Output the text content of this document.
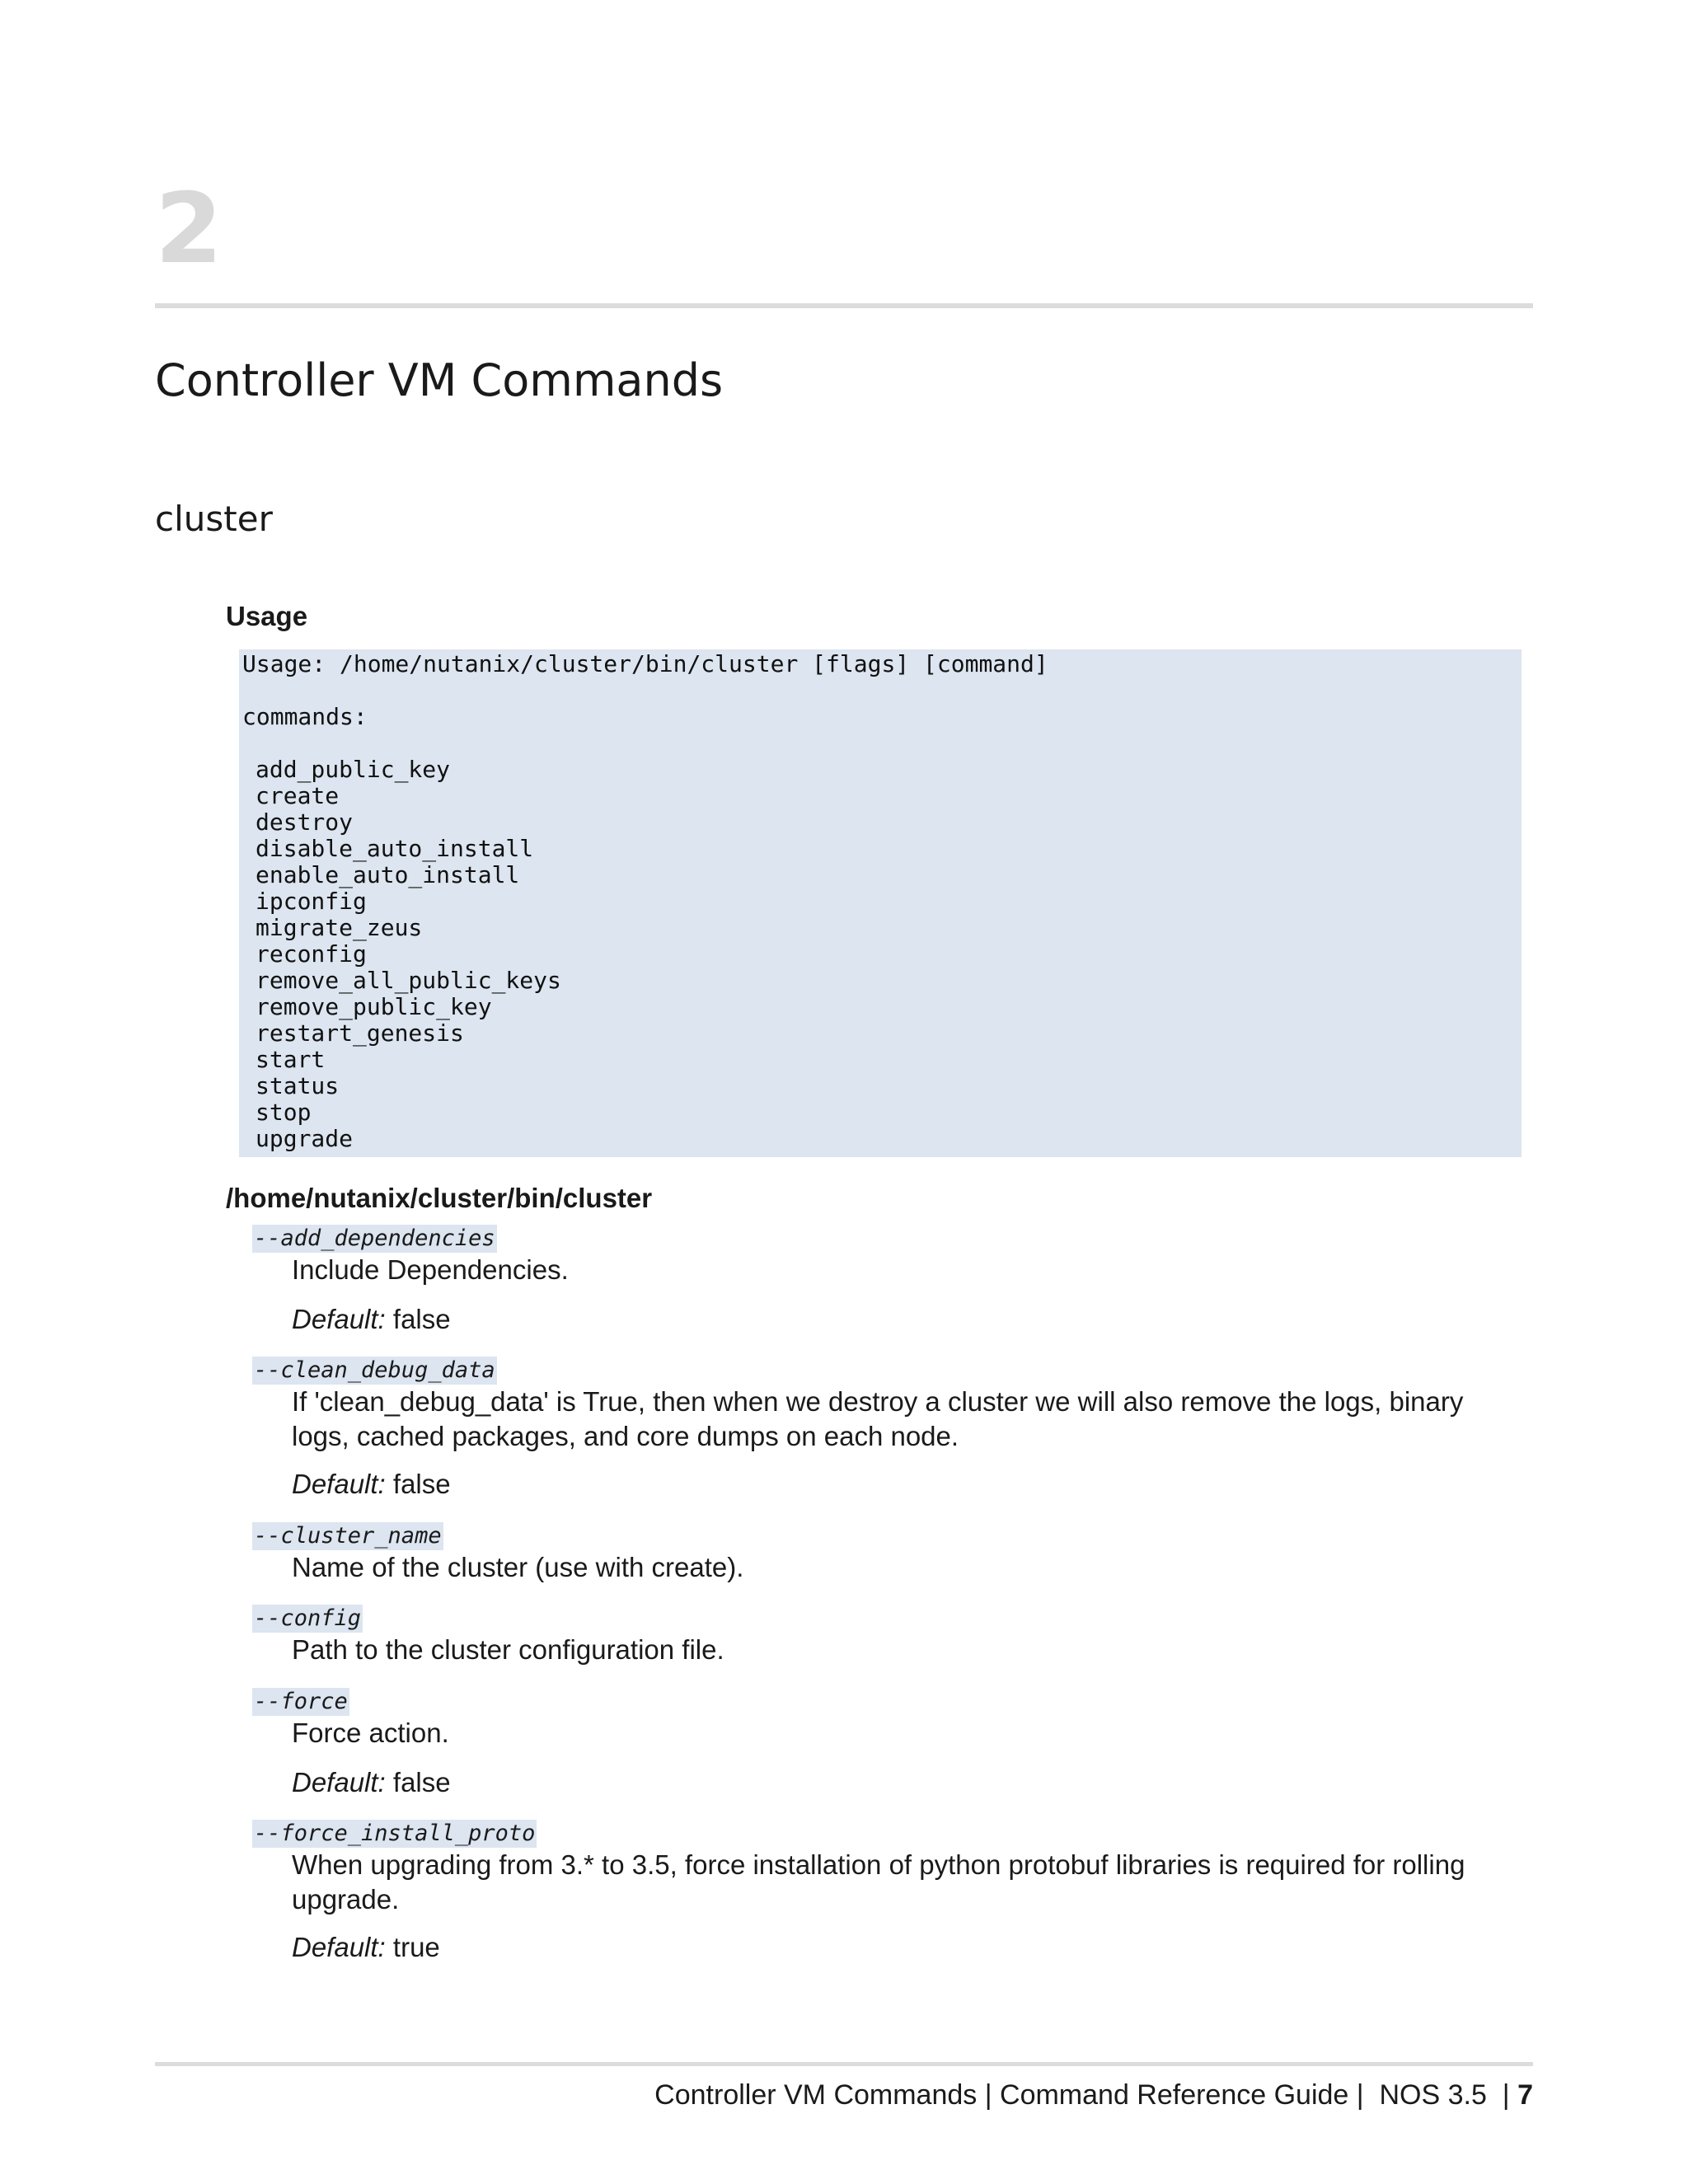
2
Controller VM Commands
cluster
Usage
Usage: /home/nutanix/cluster/bin/cluster [flags] [command]
commands:
add_public_key
create
destroy
disable_auto_install
enable_auto_install
ipconfig
migrate_zeus
reconfig
remove_all_public_keys
remove_public_key
restart_genesis
start
status
stop
upgrade
/home/nutanix/cluster/bin/cluster
--add_dependencies
Include Dependencies.
Default: false
--clean_debug_data
If 'clean_debug_data' is True, then when we destroy a cluster we will also remove the logs, binary
logs, cached packages, and core dumps on each node.
Default: false
--cluster_name
Name of the cluster (use with create).
--config
Path to the cluster configuration file.
--force
Force action.
Default: false
--force_install_proto
When upgrading from 3.* to 3.5, force installation of python protobuf libraries is required for rolling
upgrade.
Default: true
Controller VM Commands | Command Reference Guide |  NOS 3.5  | 7
